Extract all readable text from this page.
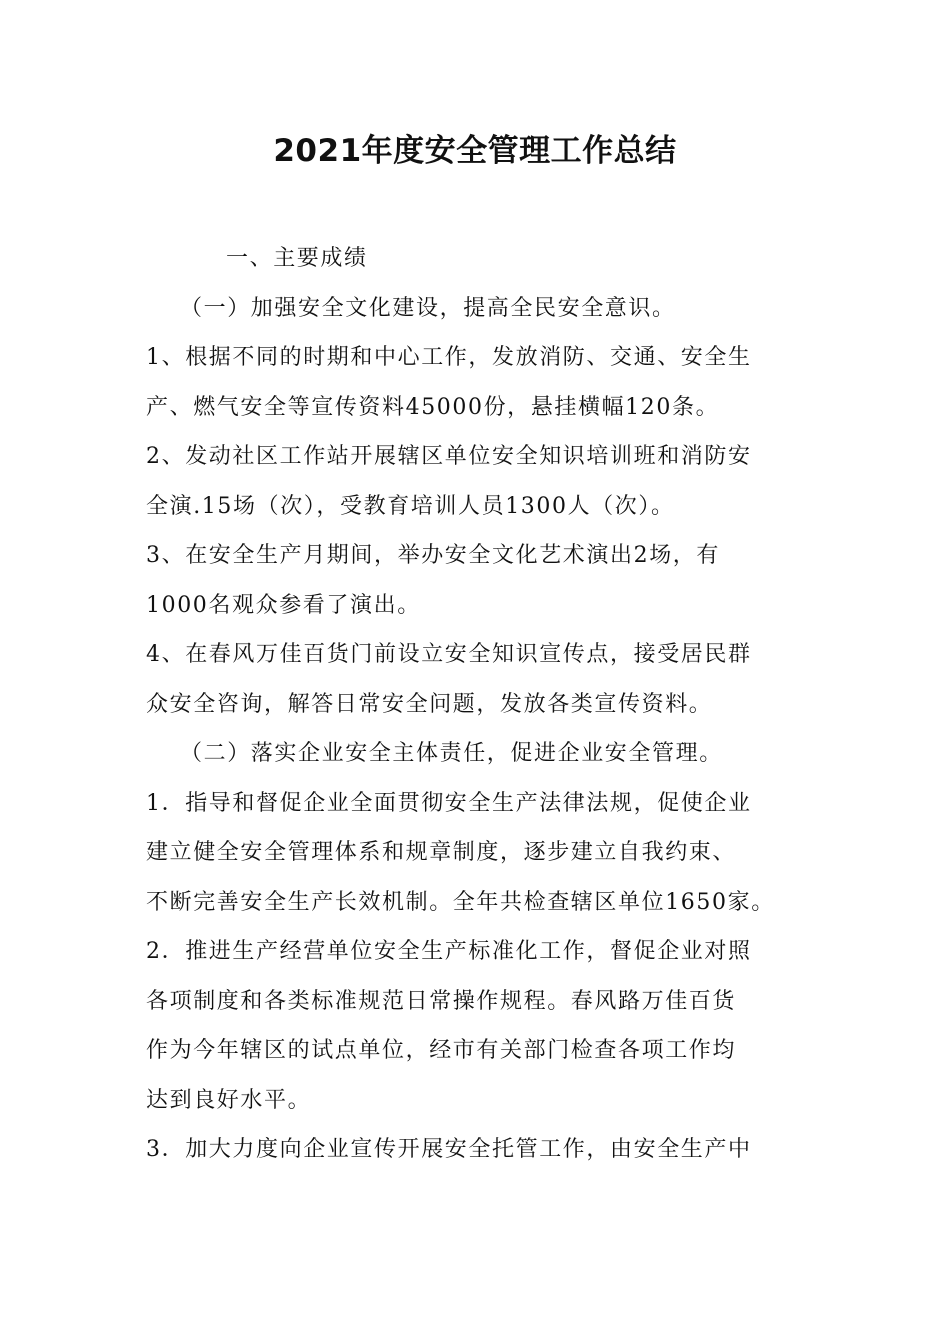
2021年度安全管理工作总结
一、主要成绩
（一）加强安全文化建设，提高全民安全意识。
1、根据不同的时期和中心工作，发放消防、交通、安全生
产、燃气安全等宣传资料45000份，悬挂横幅120条。
2、发动社区工作站开展辖区单位安全知识培训班和消防安
全演.15场（次），受教育培训人员1300人（次）。
3、在安全生产月期间，举办安全文化艺术演出2场，有
1000名观众参看了演出。
4、在春风万佳百货门前设立安全知识宣传点，接受居民群
众安全咨询，解答日常安全问题，发放各类宣传资料。
（二）落实企业安全主体责任，促进企业安全管理。
1．指导和督促企业全面贯彻安全生产法律法规，促使企业
建立健全安全管理体系和规章制度，逐步建立自我约束、
不断完善安全生产长效机制。全年共检查辖区单位1650家。
2．推进生产经营单位安全生产标准化工作，督促企业对照
各项制度和各类标准规范日常操作规程。春风路万佳百货
作为今年辖区的试点单位，经市有关部门检查各项工作均
达到良好水平。
3．加大力度向企业宣传开展安全托管工作，由安全生产中
